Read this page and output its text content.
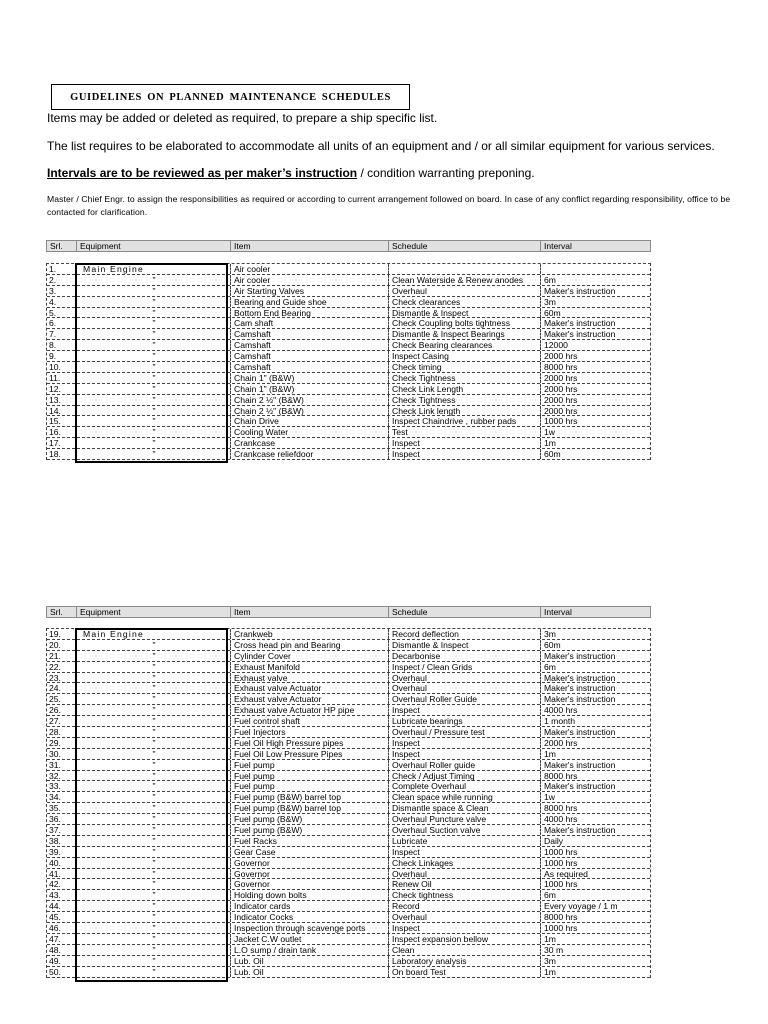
GUIDELINES ON PLANNED MAINTENANCE SCHEDULES
Items may be added or deleted as required, to prepare a ship specific list.
The list requires to be elaborated to accommodate all units of an equipment and / or all similar equipment for various services.
Intervals are to be reviewed as per maker’s instruction / condition warranting preponing.
Master / Chief Engr. to assign the responsibilities as required or according to current arrangement followed on board. In case of any conflict regarding responsibility, office to be contacted for clarification.
Srl.	Equipment	Item	Schedule	Interval
1.	Main Engine	Air cooler
2.	"	Air cooler	Clean Waterside & Renew anodes	6m
3.	"	Air Starting Valves	Overhaul	Maker's instruction
4.	"	Bearing and Guide shoe	Check clearances	3m
5.	"	Bottom End Bearing	Dismantle & Inspect	60m
6.	"	Cam shaft	Check Coupling bolts tightness	Maker's instruction
7.	"	Camshaft	Dismantle & Inspect Bearings	Maker's instruction
8.	"	Camshaft	Check Bearing clearances	12000
9.	"	Camshaft	Inspect Casing	2000 hrs
10.	"	Camshaft	Check timing	8000 hrs
11.	"	Chain 1" (B&W)	Check Tightness	2000 hrs
12.	"	Chain 1" (B&W)	Check Link Length	2000 hrs
13.	"	Chain 2 ½" (B&W)	Check Tightness	2000 hrs
14.	"	Chain 2 ½" (B&W)	Check Link length	2000 hrs
15.	"	Chain Drive	Inspect Chaindrive , rubber pads	1000 hrs
16.	"	Cooling Water	Test	1w
17.	"	Crankcase	Inspect	1m
18.	"	Crankcase reliefdoor	Inspect	60m
Srl.	Equipment	Item	Schedule	Interval
19.	Main Engine	Crankweb	Record deflection	3m
20.	"	Cross head pin and Bearing	Dismantle & Inspect	60m
21.	"	Cylinder Cover	Decarbonise	Maker's instruction
22.	"	Exhaust Manifold	Inspect / Clean Grids	6m
23.	"	Exhaust valve	Overhaul	Maker's instruction
24.	"	Exhaust valve Actuator	Overhaul	Maker's instruction
25.	"	Exhaust valve Actuator	Overhaul Roller Guide	Maker's instruction
26.	"	Exhaust valve Actuator HP pipe	Inspect	4000 hrs
27.	"	Fuel control shaft	Lubricate bearings	1 month
28.	"	Fuel Injectors	Overhaul / Pressure test	Maker's instruction
29.	"	Fuel Oil High Pressure pipes	Inspect	2000 hrs
30.	"	Fuel Oil Low Pressure Pipes	Inspect	1m
31.	"	Fuel pump	Overhaul Roller guide	Maker's instruction
32.	"	Fuel pump	Check / Adjust Timing	8000 hrs
33.	"	Fuel pump	Complete Overhaul	Maker's instruction
34.	"	Fuel pump (B&W) barrel top	Clean space while running	1w
35.	"	Fuel pump (B&W) barrel top	Dismantle space & Clean	8000 hrs
36.	"	Fuel pump (B&W)	Overhaul Puncture valve	4000 hrs
37.	"	Fuel pump (B&W)	Overhaul Suction valve	Maker's instruction
38.	"	Fuel Racks	Lubricate	Daily
39.	"	Gear Case	Inspect	1000 hrs
40.	"	Governor	Check Linkages	1000 hrs
41.	"	Governor	Overhaul	As required
42.	"	Governor	Renew Oil	1000 hrs
43.	"	Holding down bolts	Check tightness	6m
44.	"	Indicator cards	Record	Every voyage / 1 m
45.	"	Indicator Cocks	Overhaul	8000 hrs
46.	"	Inspection through scavenge ports	Inspect	1000 hrs
47.	"	Jacket C.W outlet	Inspect expansion bellow	1m
48.	"	L.O sump / drain tank	Clean	30 m
49.	"	Lub. Oil	Laboratory analysis	3m
50.	"	Lub. Oil	On board Test	1m
